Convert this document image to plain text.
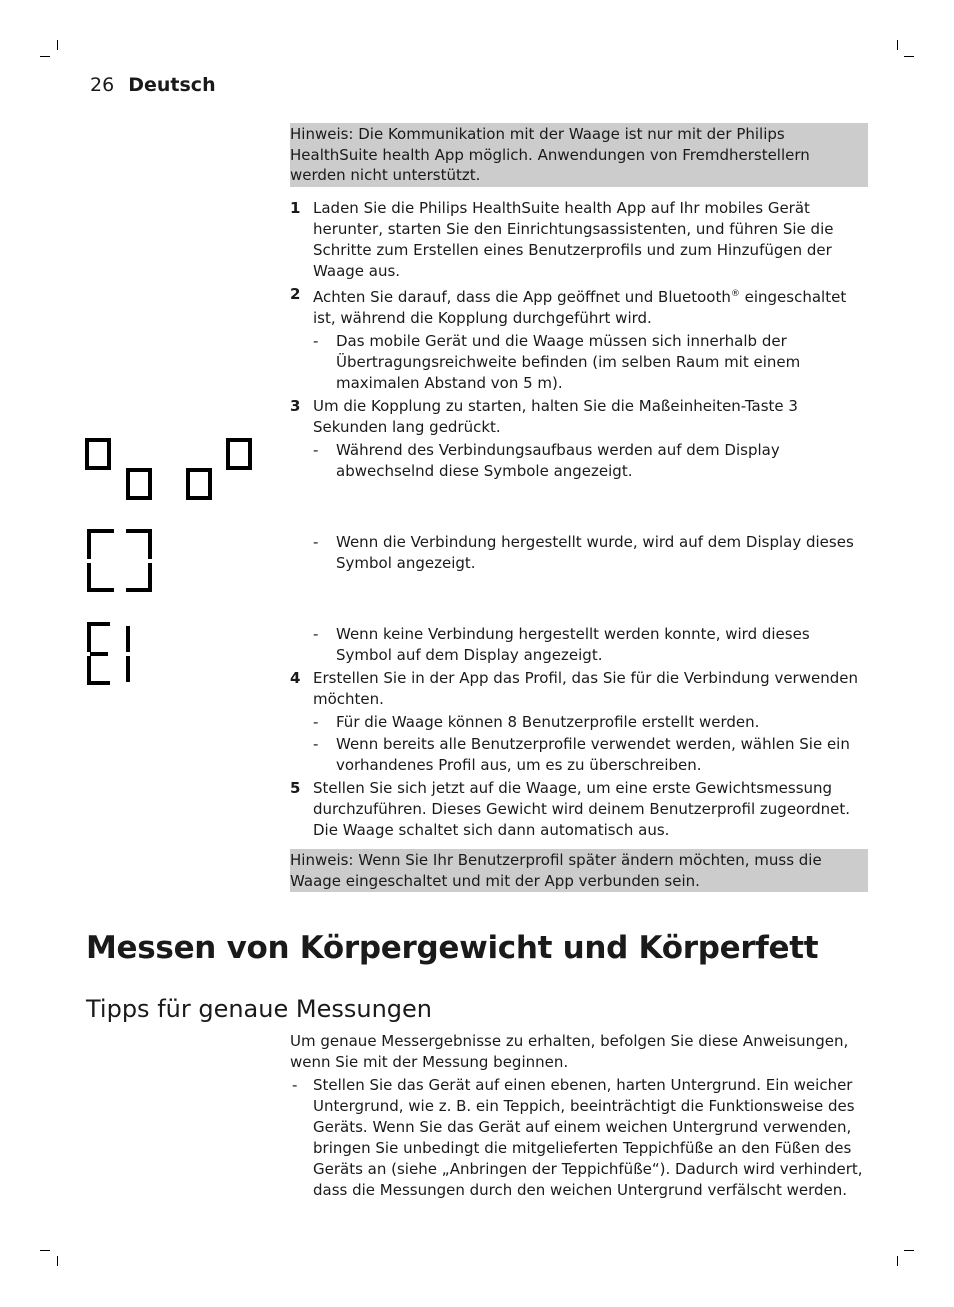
26 Deutsch
Hinweis: Die Kommunikation mit der Waage ist nur mit der Philips
HealthSuite health App möglich. Anwendungen von Fremdherstellern
werden nicht unterstützt.
1 Laden Sie die Philips HealthSuite health App auf Ihr mobiles Gerät herunter, starten Sie den Einrichtungsassistenten, und führen Sie die Schritte zum Erstellen eines Benutzerprofils und zum Hinzufügen der Waage aus.
2 Achten Sie darauf, dass die App geöffnet und Bluetooth® eingeschaltet ist, während die Kopplung durchgeführt wird.
- Das mobile Gerät und die Waage müssen sich innerhalb der Übertragungsreichweite befinden (im selben Raum mit einem maximalen Abstand von 5 m).
3 Um die Kopplung zu starten, halten Sie die Maßeinheiten-Taste 3 Sekunden lang gedrückt.
- Während des Verbindungsaufbaus werden auf dem Display abwechselnd diese Symbole angezeigt.
- Wenn die Verbindung hergestellt wurde, wird auf dem Display dieses Symbol angezeigt.
- Wenn keine Verbindung hergestellt werden konnte, wird dieses Symbol auf dem Display angezeigt.
4 Erstellen Sie in der App das Profil, das Sie für die Verbindung verwenden möchten.
- Für die Waage können 8 Benutzerprofile erstellt werden.
- Wenn bereits alle Benutzerprofile verwendet werden, wählen Sie ein vorhandenes Profil aus, um es zu überschreiben.
5 Stellen Sie sich jetzt auf die Waage, um eine erste Gewichtsmessung durchzuführen. Dieses Gewicht wird deinem Benutzerprofil zugeordnet. Die Waage schaltet sich dann automatisch aus.
Hinweis: Wenn Sie Ihr Benutzerprofil später ändern möchten, muss die
Waage eingeschaltet und mit der App verbunden sein.
Messen von Körpergewicht und Körperfett
Tipps für genaue Messungen
Um genaue Messergebnisse zu erhalten, befolgen Sie diese Anweisungen, wenn Sie mit der Messung beginnen.
- Stellen Sie das Gerät auf einen ebenen, harten Untergrund. Ein weicher Untergrund, wie z. B. ein Teppich, beeinträchtigt die Funktionsweise des Geräts. Wenn Sie das Gerät auf einem weichen Untergrund verwenden, bringen Sie unbedingt die mitgelieferten Teppichfüße an den Füßen des Geräts an (siehe „Anbringen der Teppichfüße“). Dadurch wird verhindert, dass die Messungen durch den weichen Untergrund verfälscht werden.
